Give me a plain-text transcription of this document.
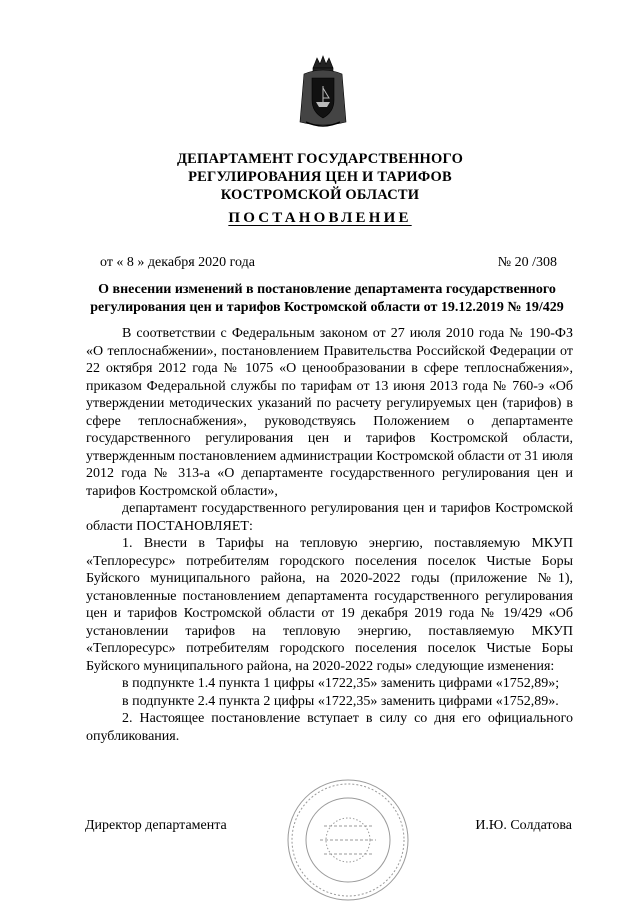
ДЕПАРТАМЕНТ ГОСУДАРСТВЕННОГО
РЕГУЛИРОВАНИЯ ЦЕН И ТАРИФОВ
КОСТРОМСКОЙ ОБЛАСТИ
ПОСТАНОВЛЕНИЕ
от « 8 » декабря 2020 года	№ 20 /308
О внесении изменений в постановление департамента государственного регулирования цен и тарифов Костромской области от 19.12.2019 № 19/429

В соответствии с Федеральным законом от 27 июля 2010 года № 190-ФЗ «О теплоснабжении», постановлением Правительства Российской Федерации от 22 октября 2012 года № 1075 «О ценообразовании в сфере теплоснабжения», приказом Федеральной службы по тарифам от 13 июня 2013 года № 760-э «Об утверждении методических указаний по расчету регулируемых цен (тарифов) в сфере теплоснабжения», руководствуясь Положением о департаменте государственного регулирования цен и тарифов Костромской области, утвержденным постановлением администрации Костромской области от 31 июля 2012 года № 313-а «О департаменте государственного регулирования цен и тарифов Костромской области»,

департамент государственного регулирования цен и тарифов Костромской области ПОСТАНОВЛЯЕТ:

1. Внести в Тарифы на тепловую энергию, поставляемую МКУП «Теплоресурс» потребителям городского поселения поселок Чистые Боры Буйского муниципального района, на 2020-2022 годы (приложение №1), установленные постановлением департамента государственного регулирования цен и тарифов Костромской области от 19 декабря 2019 года № 19/429 «Об установлении тарифов на тепловую энергию, поставляемую МКУП «Теплоресурс» потребителям городского поселения поселок Чистые Боры Буйского муниципального района, на 2020-2022 годы» следующие изменения:

в подпункте 1.4 пункта 1 цифры «1722,35» заменить цифрами «1752,89»;

в подпункте 2.4 пункта 2 цифры «1722,35» заменить цифрами «1752,89».

2. Настоящее постановление вступает в силу со дня его официального опубликования.

Директор департамента	И.Ю. Солдатова
